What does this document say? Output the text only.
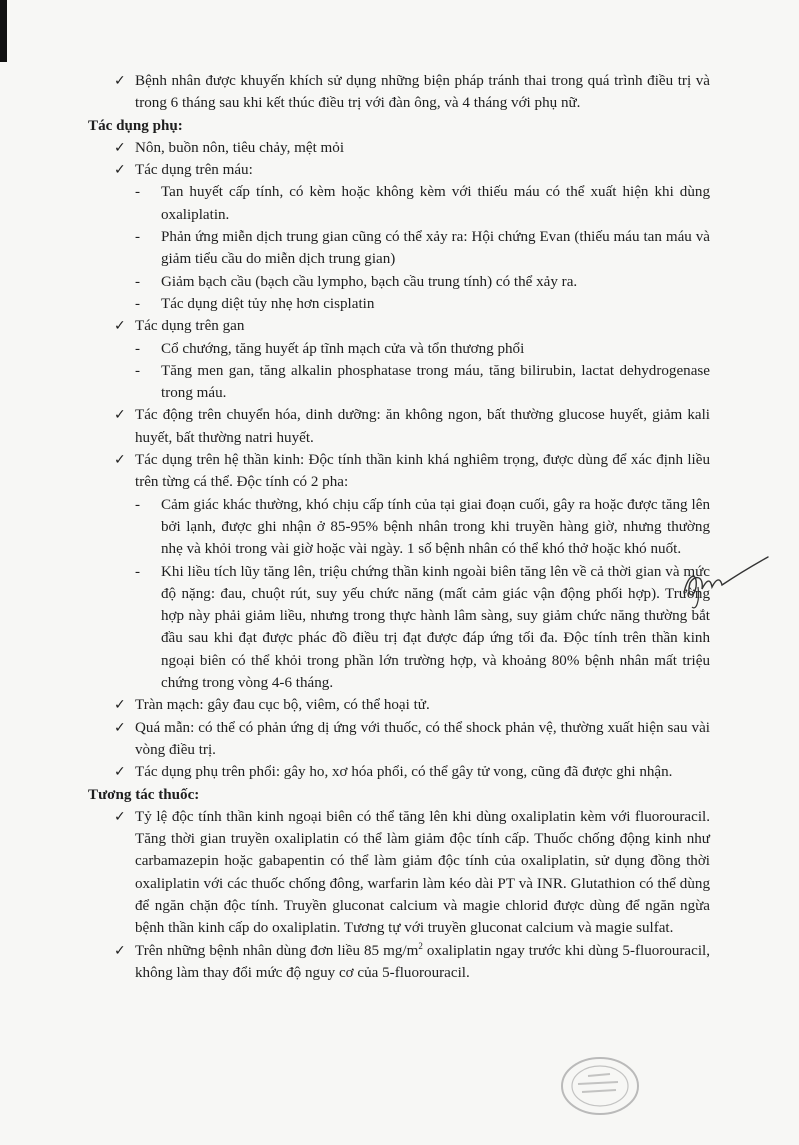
✓ Bệnh nhân được khuyến khích sử dụng những biện pháp tránh thai trong quá trình điều trị và trong 6 tháng sau khi kết thúc điều trị với đàn ông, và 4 tháng với phụ nữ.
Tác dụng phụ:
✓ Nôn, buồn nôn, tiêu chảy, mệt mỏi
✓ Tác dụng trên máu:
- Tan huyết cấp tính, có kèm hoặc không kèm với thiếu máu có thể xuất hiện khi dùng oxaliplatin.
- Phản ứng miễn dịch trung gian cũng có thể xảy ra: Hội chứng Evan (thiếu máu tan máu và giảm tiểu cầu do miễn dịch trung gian)
- Giảm bạch cầu (bạch cầu lympho, bạch cầu trung tính) có thể xảy ra.
- Tác dụng diệt tủy nhẹ hơn cisplatin
✓ Tác dụng trên gan
- Cổ chướng, tăng huyết áp tĩnh mạch cửa và tổn thương phổi
- Tăng men gan, tăng alkalin phosphatase trong máu, tăng bilirubin, lactat dehydrogenase trong máu.
✓ Tác động trên chuyển hóa, dinh dưỡng: ăn không ngon, bất thường glucose huyết, giảm kali huyết, bất thường natri huyết.
✓ Tác dụng trên hệ thần kinh: Độc tính thần kinh khá nghiêm trọng, được dùng để xác định liều trên từng cá thể. Độc tính có 2 pha:
- Cảm giác khác thường, khó chịu cấp tính của tại giai đoạn cuối, gây ra hoặc được tăng lên bởi lạnh, được ghi nhận ở 85-95% bệnh nhân trong khi truyền hàng giờ, nhưng thường nhẹ và khỏi trong vài giờ hoặc vài ngày. 1 số bệnh nhân có thể khó thở hoặc khó nuốt.
- Khi liều tích lũy tăng lên, triệu chứng thần kinh ngoài biên tăng lên về cả thời gian và mức độ nặng: đau, chuột rút, suy yếu chức năng (mất cảm giác vận động phối hợp). Trường hợp này phải giảm liều, nhưng trong thực hành lâm sàng, suy giảm chức năng thường bắt đầu sau khi đạt được phác đồ điều trị đạt được đáp ứng tối đa. Độc tính trên thần kinh ngoại biên có thể khỏi trong phần lớn trường hợp, và khoảng 80% bệnh nhân mất triệu chứng trong vòng 4-6 tháng.
✓ Tràn mạch: gây đau cục bộ, viêm, có thể hoại tử.
✓ Quá mẫn: có thể có phản ứng dị ứng với thuốc, có thể shock phản vệ, thường xuất hiện sau vài vòng điều trị.
✓ Tác dụng phụ trên phổi: gây ho, xơ hóa phổi, có thể gây tử vong, cũng đã được ghi nhận.
Tương tác thuốc:
✓ Tỷ lệ độc tính thần kinh ngoại biên có thể tăng lên khi dùng oxaliplatin kèm với fluorouracil. Tăng thời gian truyền oxaliplatin có thể làm giảm độc tính cấp. Thuốc chống động kinh như carbamazepin hoặc gabapentin có thể làm giảm độc tính của oxaliplatin, sử dụng đồng thời oxaliplatin với các thuốc chống đông, warfarin làm kéo dài PT và INR. Glutathion có thể dùng để ngăn chặn độc tính. Truyền gluconat calcium và magie chlorid được dùng để ngăn ngừa bệnh thần kinh cấp do oxaliplatin. Tương tự với truyền gluconat calcium và magie sulfat.
✓ Trên những bệnh nhân dùng đơn liều 85 $mg/m^2$ oxaliplatin ngay trước khi dùng 5-fluorouracil, không làm thay đổi mức độ nguy cơ của 5-fluorouracil.
